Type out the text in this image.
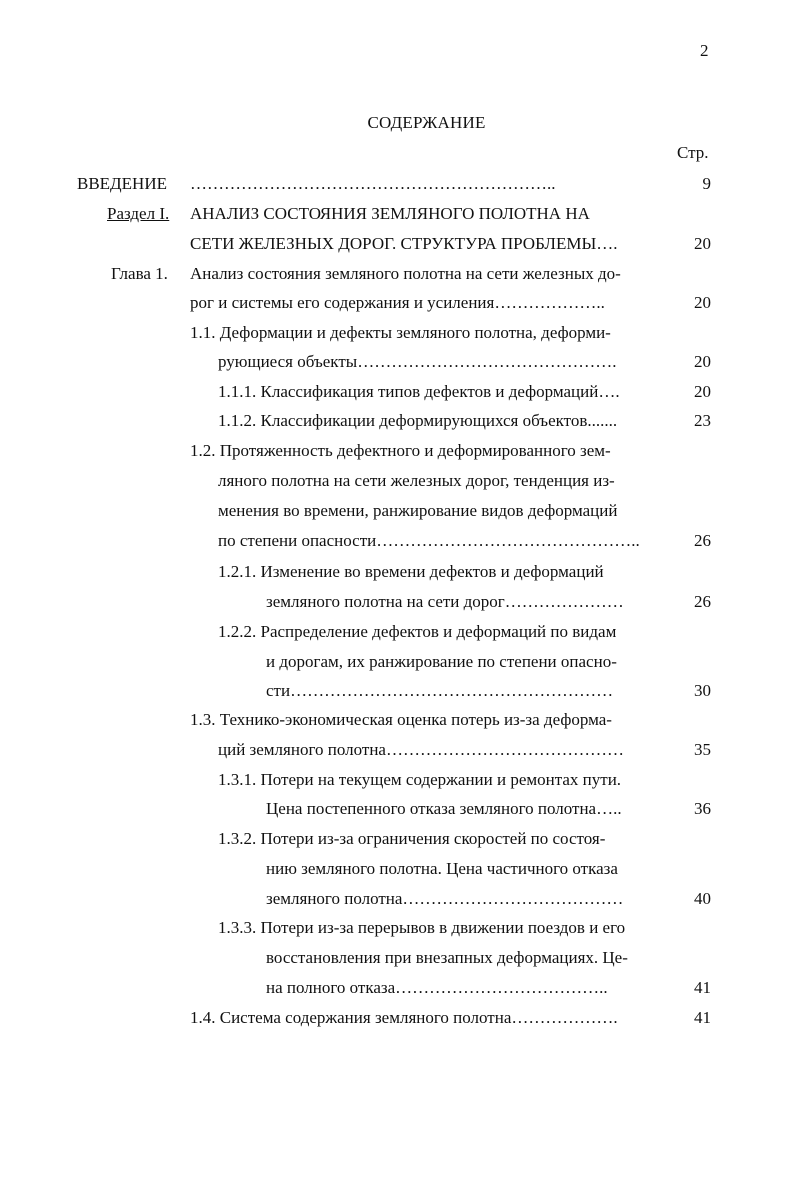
2
СОДЕРЖАНИЕ
Стр.
ВВЕДЕНИЕ ………………………………………………………..	9
Раздел I. АНАЛИЗ СОСТОЯНИЯ ЗЕМЛЯНОГО ПОЛОТНА НА
СЕТИ ЖЕЛЕЗНЫХ ДОРОГ. СТРУКТУРА ПРОБЛЕМЫ….	20
Глава 1. Анализ состояния земляного полотна на сети железных до-
рог и системы его содержания и усиления………………..	20
1.1. Деформации и дефекты земляного полотна, деформи-
рующиеся объекты……………………………………….	20
1.1.1. Классификация типов дефектов и деформаций….	20
1.1.2. Классификации деформирующихся объектов.......	23
1.2. Протяженность дефектного и деформированного зем-
ляного полотна на сети железных дорог, тенденция из-
менения во времени, ранжирование видов деформаций
по степени опасности………………………………………..	26
1.2.1. Изменение во времени дефектов и деформаций
земляного полотна на сети дорог…………………	26
1.2.2. Распределение дефектов и деформаций по видам
и дорогам, их ранжирование по степени опасно-
сти…………………………………………………	30
1.3. Технико-экономическая оценка потерь из-за деформа-
ций земляного полотна……………………………………	35
1.3.1. Потери на текущем содержании и ремонтах пути.
Цена постепенного отказа земляного полотна…..	36
1.3.2. Потери из-за ограничения скоростей по состоя-
нию земляного полотна. Цена частичного отказа
земляного полотна…………………………………	40
1.3.3. Потери из-за перерывов в движении поездов и его
восстановления при внезапных деформациях. Це-
на полного отказа………………………………..	41
1.4. Система содержания земляного полотна……………….	41
